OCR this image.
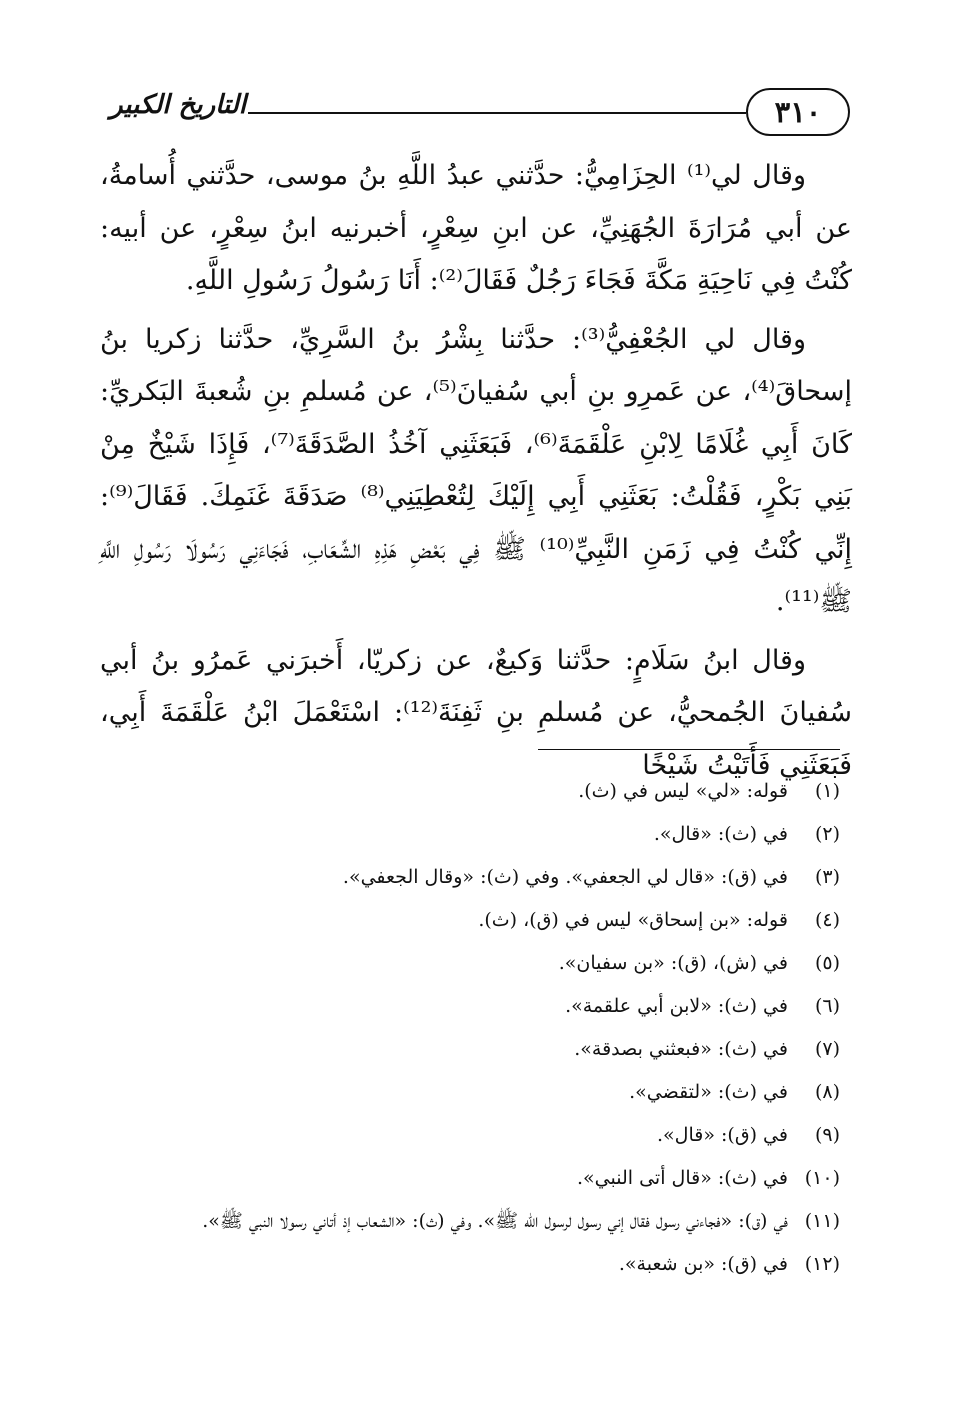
٣١٠
التاريخ الكبير

وقال لي⁽¹⁾ الحِزَامِيُّ: حدَّثني عبدُ اللَّهِ بنُ موسى، حدَّثني أُسامةُ، عن أبي مُرَارَةَ الجُهَنِيِّ، عن ابنِ سِعْرٍ، أخبرنيه ابنُ سِعْرٍ، عن أبيه: كُنْتُ فِي نَاحِيَةِ مَكَّةَ فَجَاءَ رَجُلٌ فَقَالَ⁽²⁾: أَنَا رَسُولُ رَسُولِ اللَّهِ.

وقال لي الجُعْفِيُّ⁽³⁾: حدَّثنا بِشْرُ بنُ السَّرِيِّ، حدَّثنا زكريا بنُ إسحاقَ⁽⁴⁾، عن عَمرِو بنِ أبي سُفيانَ⁽⁵⁾، عن مُسلمِ بنِ شُعبةَ البَكريِّ: كَانَ أَبِي غُلَامًا لِابْنِ عَلْقَمَةَ⁽⁶⁾، فَبَعَثَنِي آخُذُ الصَّدَقَةَ⁽⁷⁾، فَإِذَا شَيْخٌ مِنْ بَنِي بَكْرٍ، فَقُلْتُ: بَعَثَنِي أَبِي إِلَيْكَ لِتُعْطِيَنِي⁽⁸⁾ صَدَقَةَ غَنَمِكَ. فَقَالَ⁽⁹⁾: إِنِّي كُنْتُ فِي زَمَنِ النَّبِيِّ⁽¹⁰⁾ ﷺ فِي بَعْضِ هَذِهِ الشِّعَابِ، فَجَاءَنِي رَسُولَا رَسُولِ اللَّهِ ﷺ⁽¹¹⁾.

وقال ابنُ سَلَامٍ: حدَّثنا وَكيعٌ، عن زكريّا، أَخبرَني عَمرُو بنُ أبي سُفيانَ الجُمحيُّ، عن مُسلمِ بنِ ثَفِنَةَ⁽¹²⁾: اسْتَعْمَلَ ابْنُ عَلْقَمَةَ أَبِي، فَبَعَثَنِي فَأَتَيْتُ شَيْخًا

(١) قوله: «لي» ليس في (ث).

(٢) في (ث): «قال».

(٣) في (ق): «قال لي الجعفي». وفي (ث): «وقال الجعفي».

(٤) قوله: «بن إسحاق» ليس في (ق)، (ث).

(٥) في (ش)، (ق): «بن سفيان».

(٦) في (ث): «لابن أبي علقمة».

(٧) في (ث): «فبعثني بصدقة».

(٨) في (ث): «لتقضي».

(٩) في (ق): «قال».

(١٠) في (ث): «قال أتى النبي».

(١١) في (ق): «فجاءني رسول فقال إني رسول لرسول الله ﷺ». وفي (ث): «الشعاب إذ أتاني رسولا النبي ﷺ».

(١٢) في (ق): «بن شعبة».
